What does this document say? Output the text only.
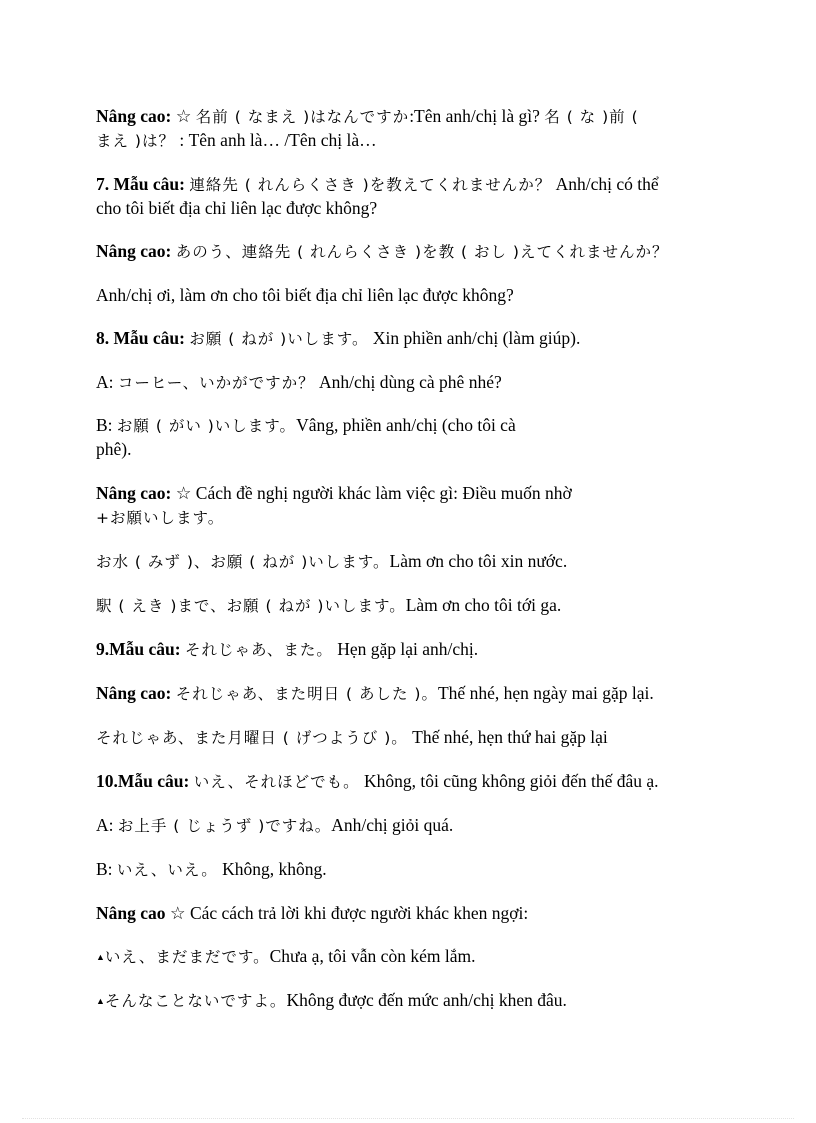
Nâng cao: ☆ 名前 ( なまえ )はなんですか:Tên anh/chị là gì? 名 ( な )前 (
まえ )は？ : Tên anh là… /Tên chị là…
7. Mẫu câu: 連絡先 ( れんらくさき )を教えてくれませんか？ Anh/chị có thể
cho tôi biết địa chỉ liên lạc được không?
Nâng cao: あのう、連絡先 ( れんらくさき )を教 ( おし )えてくれませんか？
Anh/chị ơi, làm ơn cho tôi biết địa chỉ liên lạc được không?
8. Mẫu câu: お願 ( ねが )いします。 Xin phiền anh/chị (làm giúp).
A: コーヒー、いかがですか？ Anh/chị dùng cà phê nhé?
B: お願 ( がい )いします。Vâng, phiền anh/chị (cho tôi cà
phê).
Nâng cao: ☆ Cách đề nghị người khác làm việc gì: Điều muốn nhờ
+お願いします。
お水 ( みず )、お願 ( ねが )いします。Làm ơn cho tôi xin nước.
駅 ( えき )まで、お願 ( ねが )いします。Làm ơn cho tôi tới ga.
9.Mẫu câu: それじゃあ、また。 Hẹn gặp lại anh/chị.
Nâng cao: それじゃあ、また明日 ( あした )。Thế nhé, hẹn ngày mai gặp lại.
それじゃあ、また月曜日 ( げつようび )。 Thế nhé, hẹn thứ hai gặp lại
10.Mẫu câu: いえ、それほどでも。 Không, tôi cũng không giỏi đến thế đâu ạ.
A: お上手 ( じょうず )ですね。Anh/chị giỏi quá.
B: いえ、いえ。 Không, không.
Nâng cao ☆ Các cách trả lời khi được người khác khen ngợi:
▲いえ、まだまだです。Chưa ạ, tôi vẫn còn kém lắm.
▲そんなことないですよ。Không được đến mức anh/chị khen đâu.
